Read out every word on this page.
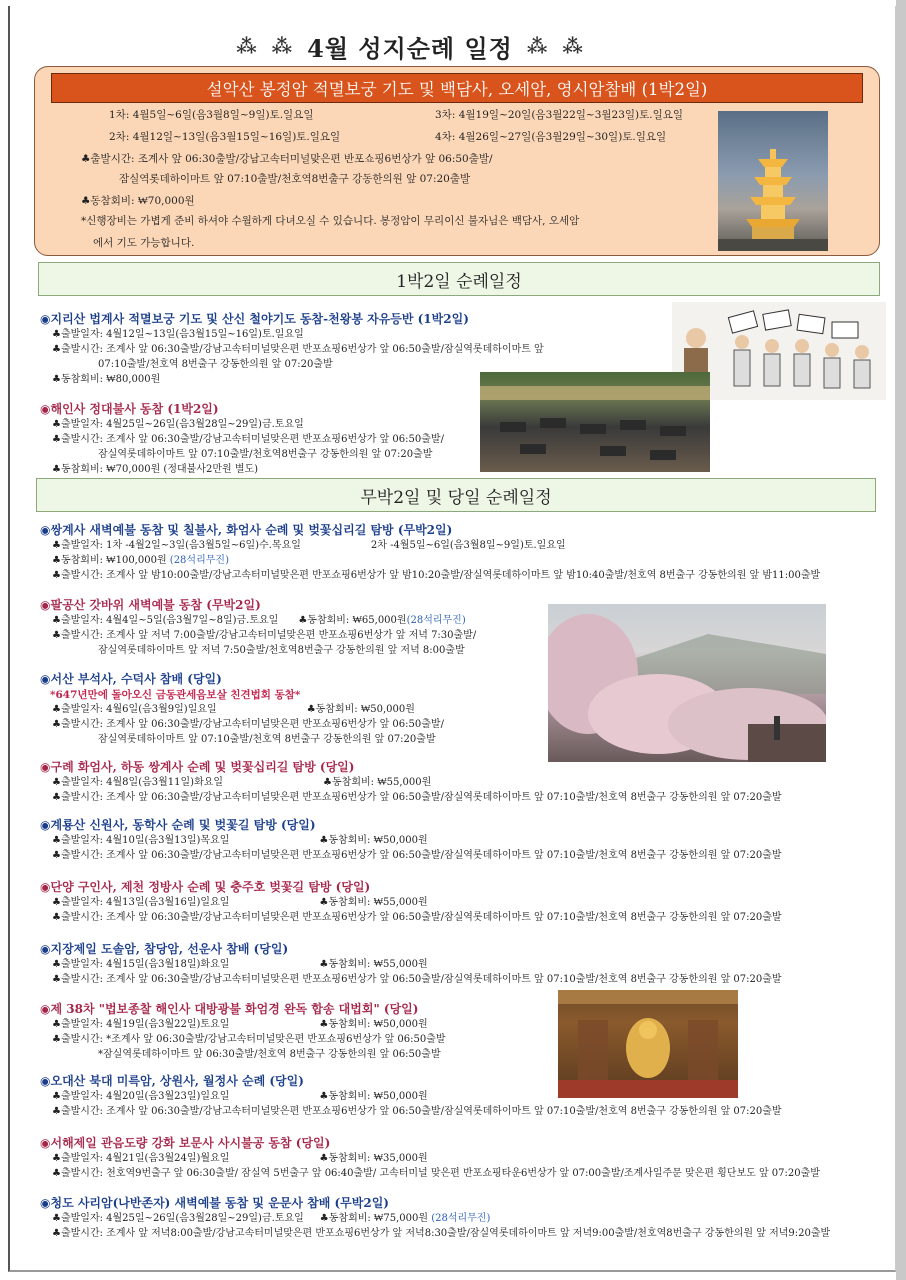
⁂ ⁂ 4월 성지순례 일정 ⁂ ⁂
설악산 봉정암 적멸보궁 기도 및 백담사, 오세암, 영시암참배 (1박2일)
1차: 4월5일~6일(음3월8일~9일)토.일요일	3차: 4월19일~20일(음3월22일~3월23일)토.일요일
2차: 4월12일~13일(음3월15일~16일)토.일요일	4차: 4월26일~27일(음3월29일~30일)토.일요일
♣출발시간: 조계사 앞 06:30출발/강남고속터미널맞은편 반포쇼핑6번상가 앞 06:50출발/
잠실역롯데하이마트 앞 07:10출발/천호역8번출구 강동한의원 앞 07:20출발
♣동참회비: ₩70,000원
*신행장비는 가볍게 준비 하셔야 수월하게 다녀오실 수 있습니다. 봉정암이 무리이신 불자님은 백담사, 오세암
에서 기도 가능합니다.
1박2일 순례일정
◉지리산 법계사 적멸보궁 기도 및 산신 철야기도 동참-천왕봉 자유등반 (1박2일)
♣출발일자: 4월12일~13일(음3월15일~16일)토.일요일
♣출발시간: 조계사 앞 06:30출발/강남고속터미널맞은편 반포쇼핑6번상가 앞 06:50출발/잠실역롯데하이마트 앞
07:10출발/천호역 8번출구 강동한의원 앞 07:20출발
♣동참회비: ₩80,000원
◉해인사 정대불사 동참 (1박2일)
♣출발일자: 4월25일~26일(음3월28일~29일)금.토요일
♣출발시간: 조계사 앞 06:30출발/강남고속터미널맞은편 반포쇼핑6번상가 앞 06:50출발/
잠실역롯데하이마트 앞 07:10출발/천호역8번출구 강동한의원 앞 07:20출발
♣동참회비: ₩70,000원 (정대불사2만원 별도)
무박2일 및 당일 순례일정
◉쌍계사 새벽예불 동참 및 칠불사, 화엄사 순례 및 벚꽃십리길 탐방 (무박2일)
♣출발일자: 1차 -4월2일~3일(음3월5일~6일)수.목요일	2차 -4월5일~6일(음3월8일~9일)토.일요일
♣동참회비: ₩100,000원 (28석리무진)
♣출발시간: 조계사 앞 밤10:00출발/강남고속터미널맞은편 반포쇼핑6번상가 앞 밤10:20출발/잠실역롯데하이마트 앞 밤10:40출발/천호역 8번출구 강동한의원 앞 밤11:00출발
◉팔공산 갓바위 새벽예불 동참 (무박2일)
♣출발일자: 4월4일~5일(음3월7일~8일)금.토요일 ♣동참회비: ₩65,000원(28석리무진)
♣출발시간: 조계사 앞 저녁 7:00출발/강남고속터미널맞은편 반포쇼핑6번상가 앞 저녁 7:30출발/
잠실역롯데하이마트 앞 저녁 7:50출발/천호역8번출구 강동한의원 앞 저녁 8:00출발
◉서산 부석사, 수덕사 참배 (당일)
*647년만에 돌아오신 금동관세음보살 친견법회 동참*
♣출발일자: 4월6일(음3월9일)일요일	♣동참회비: ₩50,000원
♣출발시간: 조계사 앞 06:30출발/강남고속터미널맞은편 반포쇼핑6번상가 앞 06:50출발/
잠실역롯데하이마트 앞 07:10출발/천호역 8번출구 강동한의원 앞 07:20출발
◉구례 화엄사, 하동 쌍계사 순례 및 벚꽃십리길 탐방 (당일)
♣출발일자: 4월8일(음3월11일)화요일	♣동참회비: ₩55,000원
♣출발시간: 조계사 앞 06:30출발/강남고속터미널맞은편 반포쇼핑6번상가 앞 06:50출발/잠실역롯데하이마트 앞 07:10출발/천호역 8번출구 강동한의원 앞 07:20출발
◉계룡산 신원사, 동학사 순례 및 벚꽃길 탐방 (당일)
♣출발일자: 4월10일(음3월13일)목요일	♣동참회비: ₩50,000원
♣출발시간: 조계사 앞 06:30출발/강남고속터미널맞은편 반포쇼핑6번상가 앞 06:50출발/잠실역롯데하이마트 앞 07:10출발/천호역 8번출구 강동한의원 앞 07:20출발
◉단양 구인사, 제천 정방사 순례 및 충주호 벚꽃길 탐방 (당일)
♣출발일자: 4월13일(음3월16일)일요일	♣동참회비: ₩55,000원
♣출발시간: 조계사 앞 06:30출발/강남고속터미널맞은편 반포쇼핑6번상가 앞 06:50출발/잠실역롯데하이마트 앞 07:10출발/천호역 8번출구 강동한의원 앞 07:20출발
◉지장제일 도솔암, 참당암, 선운사 참배 (당일)
♣출발일자: 4월15일(음3월18일)화요일	♣동참회비: ₩55,000원
♣출발시간: 조계사 앞 06:30출발/강남고속터미널맞은편 반포쇼핑6번상가 앞 06:50출발/잠실역롯데하이마트 앞 07:10출발/천호역 8번출구 강동한의원 앞 07:20출발
◉제 38차 "법보종찰 해인사 대방광불 화엄경 완독 합송 대법회" (당일)
♣출발일자: 4월19일(음3월22일)토요일	♣동참회비: ₩50,000원
♣출발시간: *조계사 앞 06:30출발/강남고속터미널맞은편 반포쇼핑6번상가 앞 06:50출발
*잠실역롯데하이마트 앞 06:30출발/천호역 8번출구 강동한의원 앞 06:50출발
◉오대산 북대 미륵암, 상원사, 월정사 순례 (당일)
♣출발일자: 4월20일(음3월23일)일요일	♣동참회비: ₩50,000원
♣출발시간: 조계사 앞 06:30출발/강남고속터미널맞은편 반포쇼핑6번상가 앞 06:50출발/잠실역롯데하이마트 앞 07:10출발/천호역 8번출구 강동한의원 앞 07:20출발
◉서해제일 관음도량 강화 보문사 사시불공 동참 (당일)
♣출발일자: 4월21일(음3월24일)월요일	♣동참회비: ₩35,000원
♣출발시간: 천호역9번출구 앞 06:30출발/ 잠실역 5번출구 앞 06:40출발/ 고속터미널 맞은편 반포쇼핑타운6번상가 앞 07:00출발/조계사일주문 맞은편 횡단보도 앞 07:20출발
◉청도 사리암(나반존자) 새벽예불 동참 및 운문사 참배 (무박2일)
♣출발일자: 4월25일~26일(음3월28일~29일)금.토요일 ♣동참회비: ₩75,000원 (28석리무진)
♣출발시간: 조계사 앞 저녁8:00출발/강남고속터미널맞은편 반포쇼핑6번상가 앞 저녁8:30출발/잠실역롯데하이마트 앞 저녁9:00출발/천호역8번출구 강동한의원 앞 저녁9:20출발
